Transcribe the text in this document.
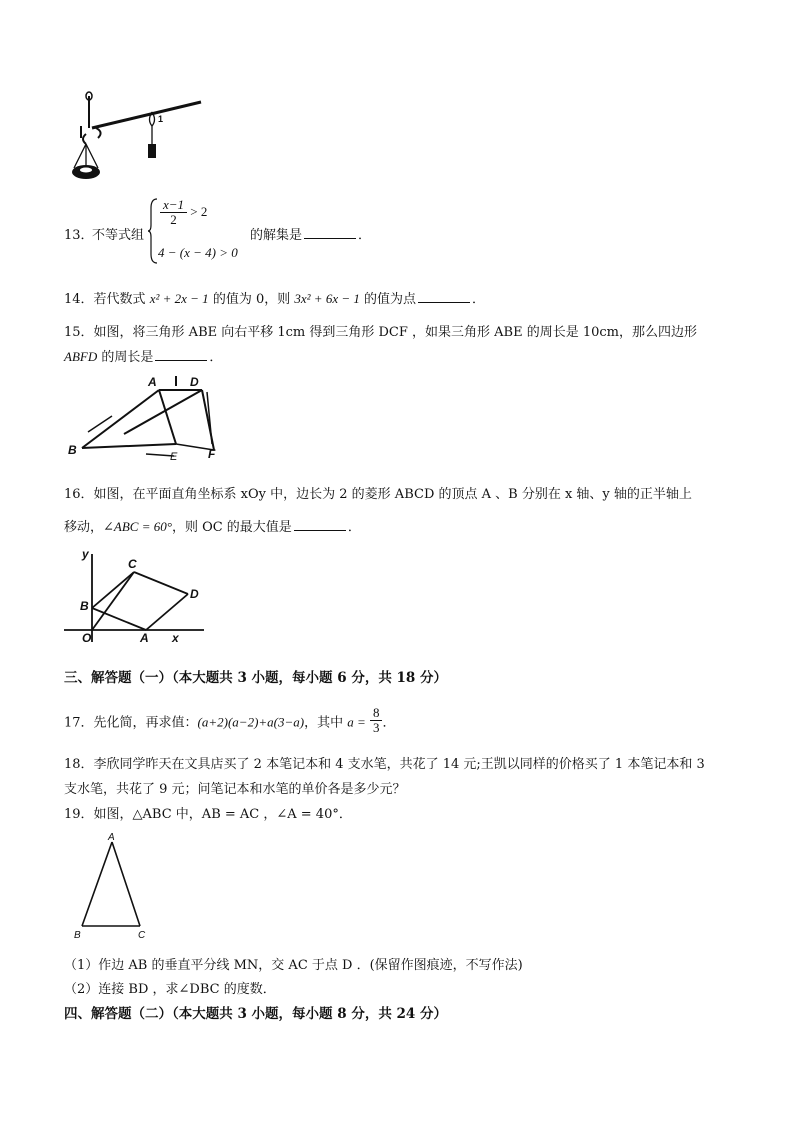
1
13．
不等式组
$\frac{x-1}{2} > 2$
4 − (x − 4) > 0
的解集是	．
14．若代数式 x² + 2x − 1 的值为 0，则 3x² + 6x − 1 的值为点	．
15．如图，将三角形 ABE 向右平移 1cm 得到三角形 DCF ，如果三角形 ABE 的周长是 10cm，那么四边形
ABFD 的周长是	．
A	D
B	E	F
16．如图，在平面直角坐标系 xOy 中，边长为 2 的菱形 ABCD 的顶点 A 、B 分别在 x 轴、y 轴的正半轴上
移动，∠ABC = 60°，则 OC 的最大值是	．
y
C
D
B
O	A x
三、解答题（一）（本大题共 3 小题，每小题 6 分，共 18 分）
17．先化简，再求值：(a+2)(a−2)+a(3−a)，其中 $a = \frac{8}{3}$ ．
18．李欣同学昨天在文具店买了 2 本笔记本和 4 支水笔，共花了 14 元;王凯以同样的价格买了 1 本笔记本和 3
支水笔，共花了 9 元；问笔记本和水笔的单价各是多少元？
19．如图，△ABC 中，AB = AC ，∠A = 40°．
A
B	C
（1）作边 AB 的垂直平分线 MN，交 AC 于点 D ．(保留作图痕迹，不写作法)
（2）连接 BD ，求∠DBC 的度数．
四、解答题（二）（本大题共 3 小题，每小题 8 分，共 24 分）
